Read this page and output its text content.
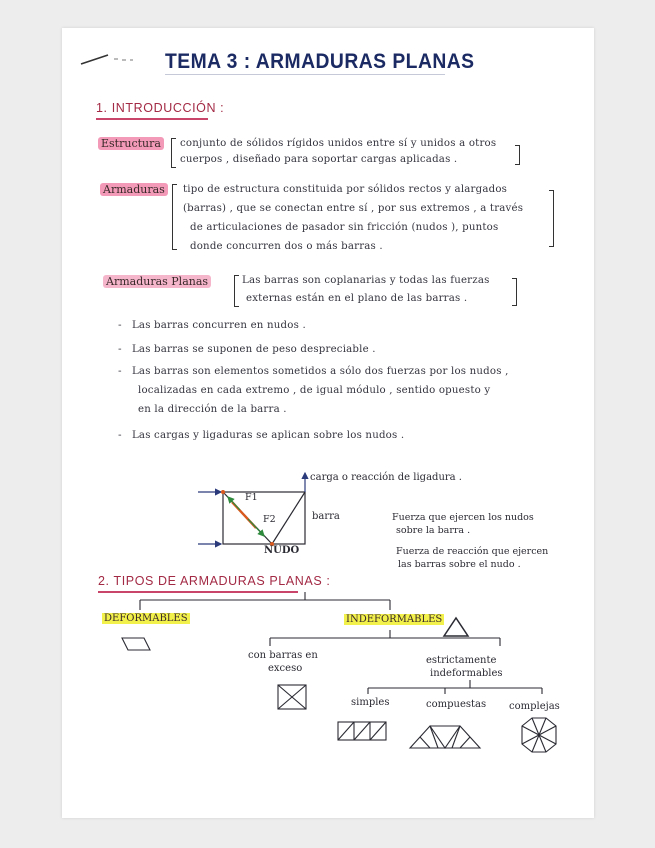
TEMA 3 : ARMADURAS PLANAS
1. INTRODUCCIÓN :
Estructura conjunto de sólidos rígidos unidos entre sí y unidos a otros
cuerpos , diseñado para soportar cargas aplicadas .
Armaduras tipo de estructura constituida por sólidos rectos y alargados
(barras) , que se conectan entre sí , por sus extremos , a través
de articulaciones de pasador sin fricción (nudos ), puntos
donde concurren dos o más barras .
Armaduras Planas	Las barras son coplanarias y todas las fuerzas
externas están en el plano de las barras .
-   Las barras concurren en nudos .
-   Las barras se suponen de peso despreciable .
-   Las barras son elementos sometidos a sólo dos fuerzas por los nudos ,
localizadas en cada extremo , de igual módulo , sentido opuesto y
en la dirección de la barra .
-   Las cargas y ligaduras se aplican sobre los nudos .
F1
F2
NUDO
carga o reacción de ligadura .
barra	Fuerza que ejercen los nudos
sobre la barra .
Fuerza de reacción que ejercen
las barras sobre el nudo .
2. TIPOS DE ARMADURAS PLANAS :
DEFORMABLES	INDEFORMABLES
con barras en
exceso
estrictamente
indeformables
simples	compuestas complejas
